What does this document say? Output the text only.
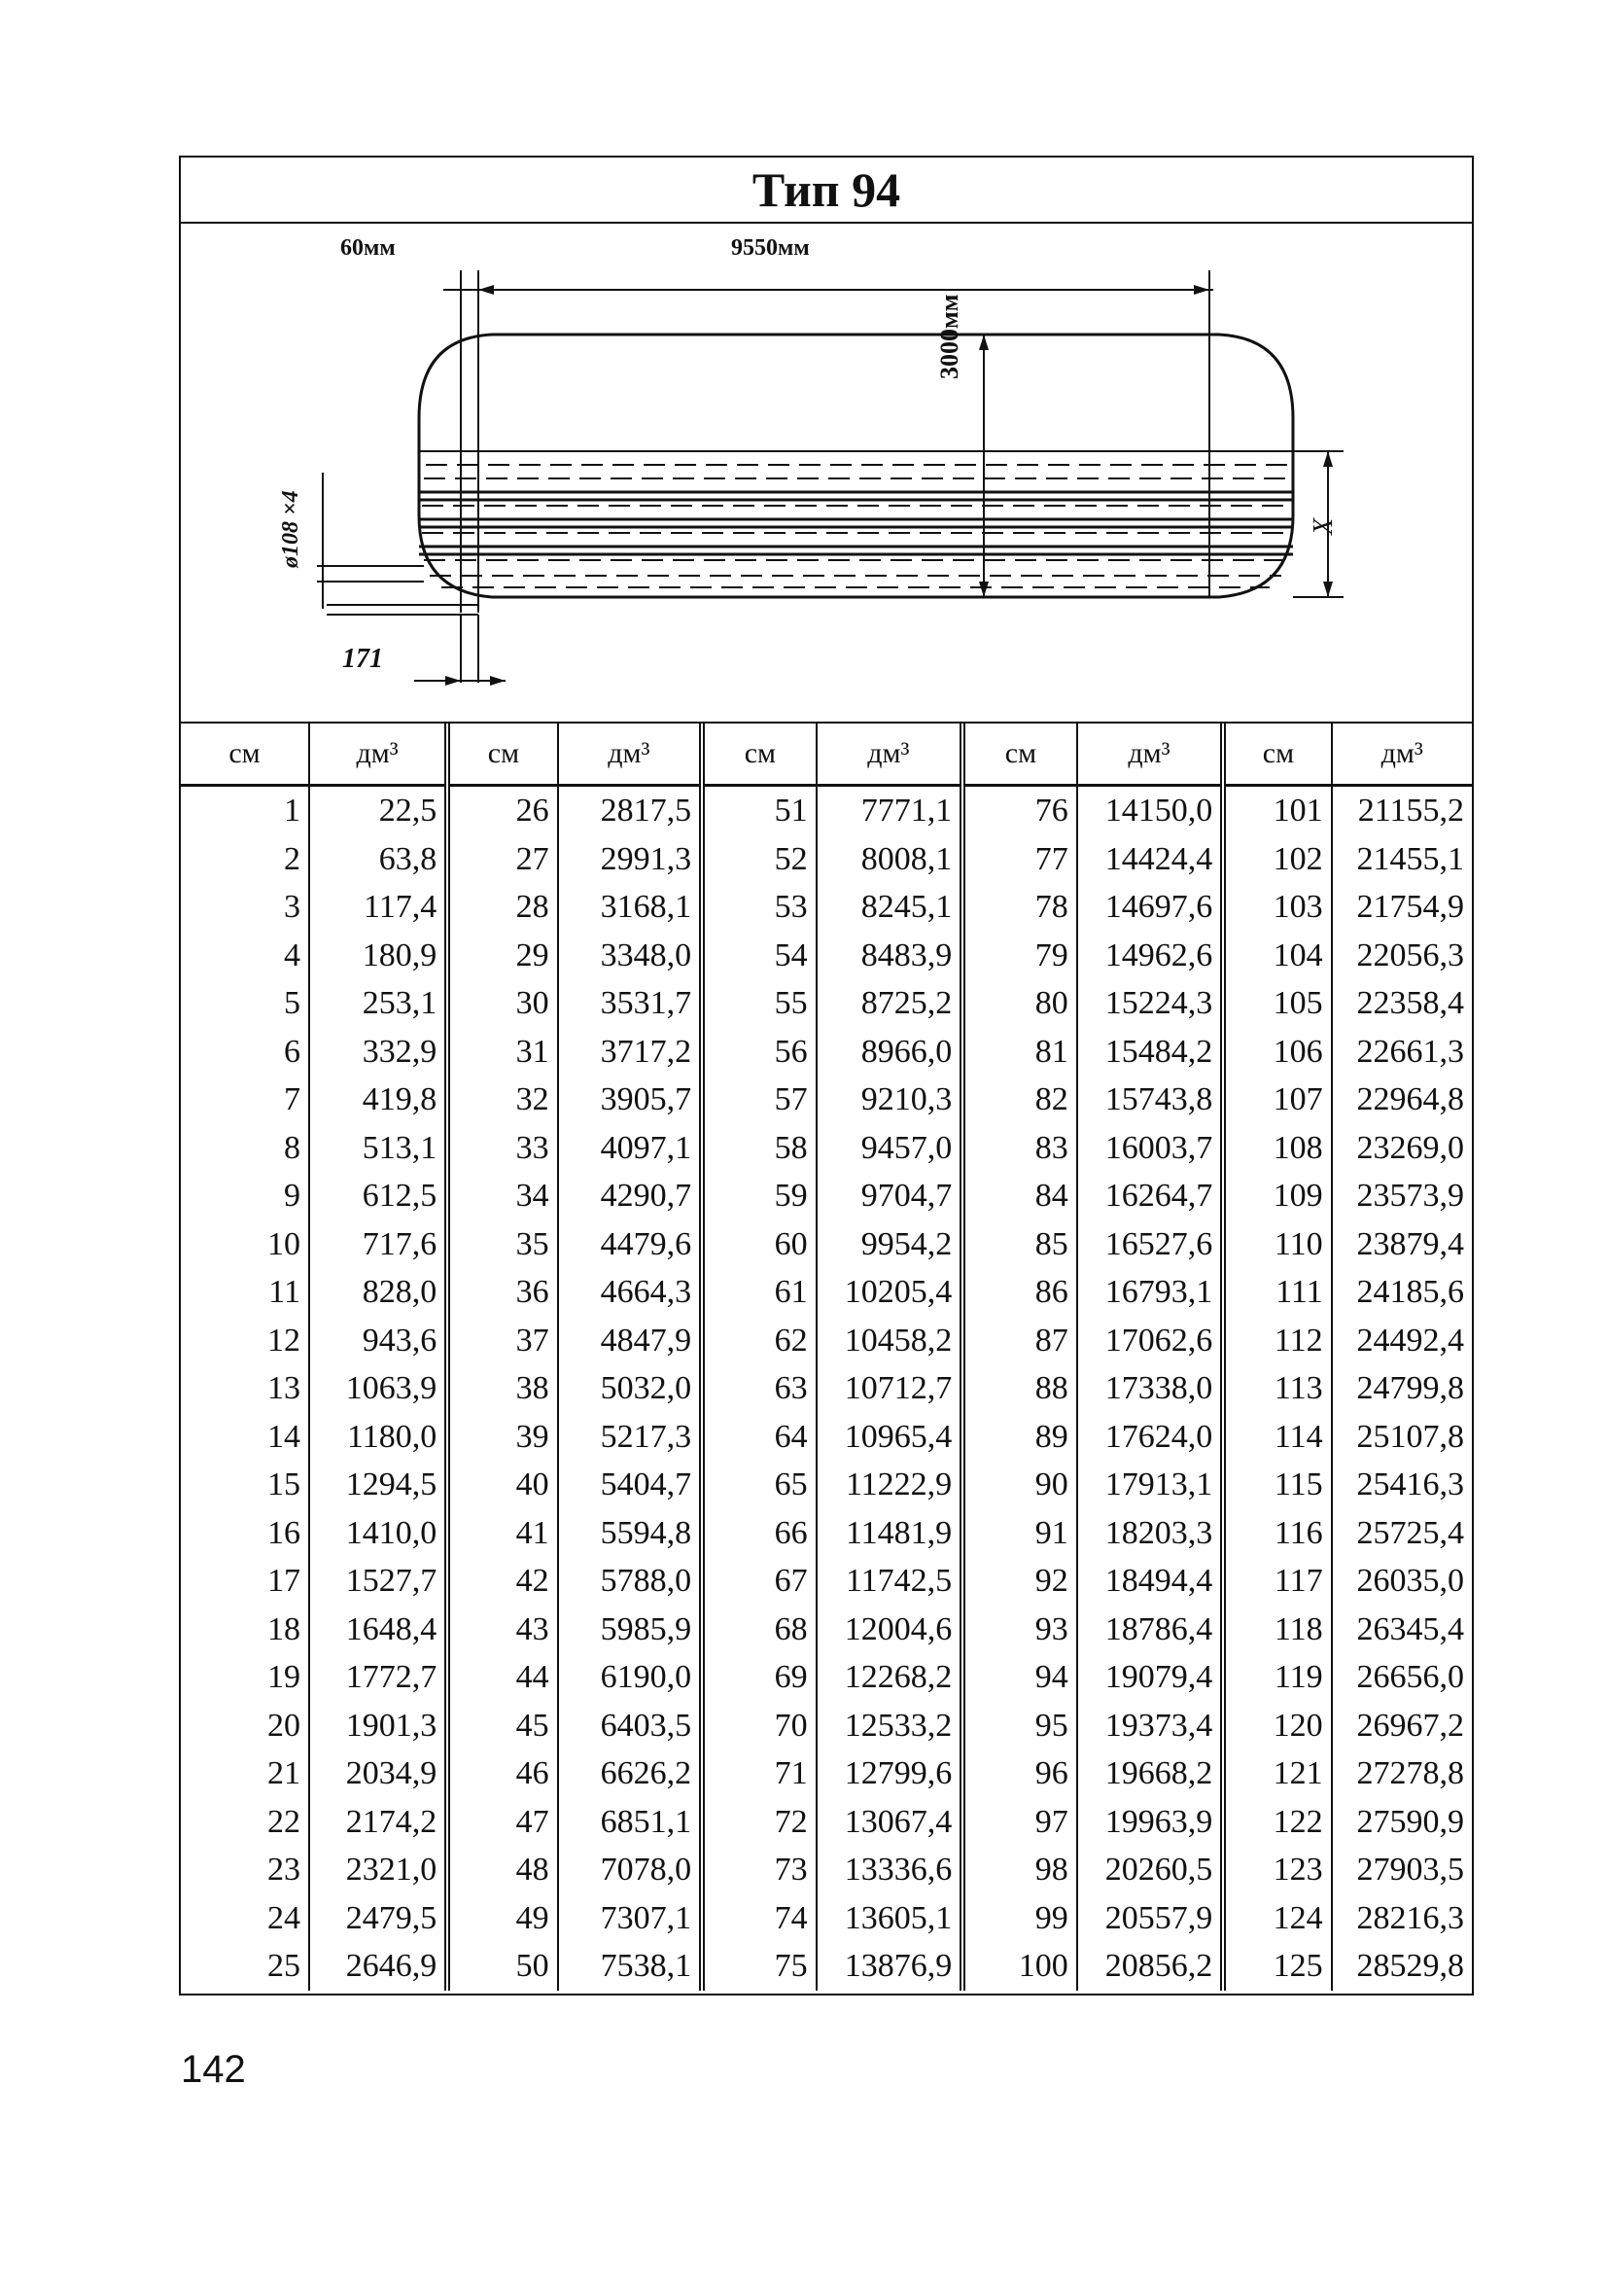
Тип 94
60мм	9550мм
3000мм
ø108 ×4
171
X
см	дм³	см	дм³	см	дм³	см	дм³	см	дм³
1	22,5	26	2817,5	51	7771,1	76	14150,0	101	21155,2
2	63,8	27	2991,3	52	8008,1	77	14424,4	102	21455,1
3	117,4	28	3168,1	53	8245,1	78	14697,6	103	21754,9
4	180,9	29	3348,0	54	8483,9	79	14962,6	104	22056,3
5	253,1	30	3531,7	55	8725,2	80	15224,3	105	22358,4
6	332,9	31	3717,2	56	8966,0	81	15484,2	106	22661,3
7	419,8	32	3905,7	57	9210,3	82	15743,8	107	22964,8
8	513,1	33	4097,1	58	9457,0	83	16003,7	108	23269,0
9	612,5	34	4290,7	59	9704,7	84	16264,7	109	23573,9
10	717,6	35	4479,6	60	9954,2	85	16527,6	110	23879,4
11	828,0	36	4664,3	61	10205,4	86	16793,1	111	24185,6
12	943,6	37	4847,9	62	10458,2	87	17062,6	112	24492,4
13	1063,9	38	5032,0	63	10712,7	88	17338,0	113	24799,8
14	1180,0	39	5217,3	64	10965,4	89	17624,0	114	25107,8
15	1294,5	40	5404,7	65	11222,9	90	17913,1	115	25416,3
16	1410,0	41	5594,8	66	11481,9	91	18203,3	116	25725,4
17	1527,7	42	5788,0	67	11742,5	92	18494,4	117	26035,0
18	1648,4	43	5985,9	68	12004,6	93	18786,4	118	26345,4
19	1772,7	44	6190,0	69	12268,2	94	19079,4	119	26656,0
20	1901,3	45	6403,5	70	12533,2	95	19373,4	120	26967,2
21	2034,9	46	6626,2	71	12799,6	96	19668,2	121	27278,8
22	2174,2	47	6851,1	72	13067,4	97	19963,9	122	27590,9
23	2321,0	48	7078,0	73	13336,6	98	20260,5	123	27903,5
24	2479,5	49	7307,1	74	13605,1	99	20557,9	124	28216,3
25	2646,9	50	7538,1	75	13876,9	100	20856,2	125	28529,8
142
